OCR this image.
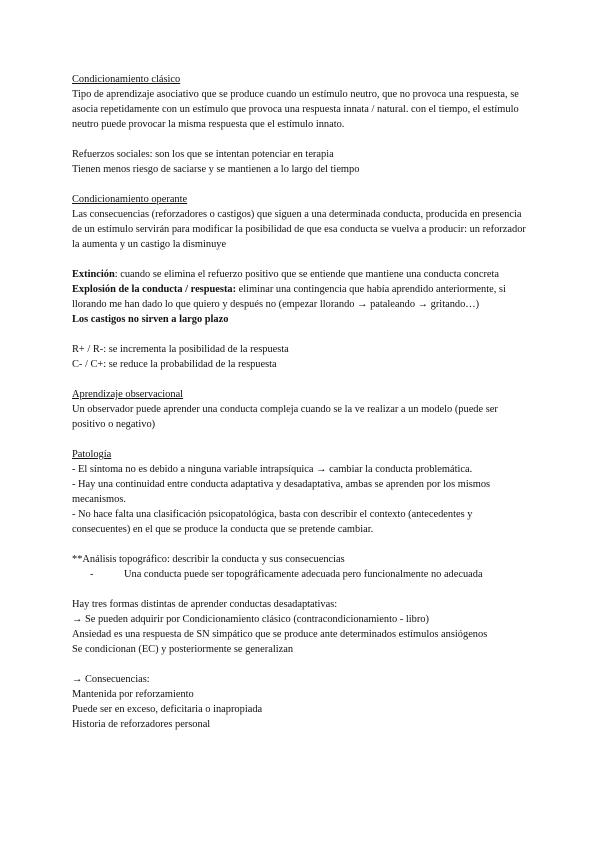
Condicionamiento clásico
Tipo de aprendizaje asociativo que se produce cuando un estímulo neutro, que no provoca una respuesta, se asocia repetidamente con un estímulo que provoca una respuesta innata / natural. con el tiempo, el estímulo neutro puede provocar la misma respuesta que el estímulo innato.
Refuerzos sociales: son los que se intentan potenciar en terapia
Tienen menos riesgo de saciarse y se mantienen a lo largo del tiempo
Condicionamiento operante
Las consecuencias (reforzadores o castigos) que siguen a una determinada conducta, producida en presencia de un estímulo servirán para modificar la posibilidad de que esa conducta se vuelva a producir: un reforzador la aumenta y un castigo la disminuye
Extinción: cuando se elimina el refuerzo positivo que se entiende que mantiene una conducta concreta
Explosión de la conducta / respuesta: eliminar una contingencia que había aprendido anteriormente, si llorando me han dado lo que quiero y después no (empezar llorando → pataleando → gritando…)
Los castigos no sirven a largo plazo
R+ / R-: se incrementa la posibilidad de la respuesta
C- / C+: se reduce la probabilidad de la respuesta
Aprendizaje observacional
Un observador puede aprender una conducta compleja cuando se la ve realizar a un modelo (puede ser positivo o negativo)
Patología
- El síntoma no es debido a ninguna variable intrapsíquica → cambiar la conducta problemática.
- Hay una continuidad entre conducta adaptativa y desadaptativa, ambas se aprenden por los mismos mecanismos.
- No hace falta una clasificación psicopatológica, basta con describir el contexto (antecedentes y consecuentes) en el que se produce la conducta que se pretende cambiar.
**Análisis topográfico: describir la conducta y sus consecuencias
-	Una conducta puede ser topográficamente adecuada pero funcionalmente no adecuada
Hay tres formas distintas de aprender conductas desadaptativas:
→ Se pueden adquirir por Condicionamiento clásico (contracondicionamiento - libro)
Ansiedad es una respuesta de SN simpático que se produce ante determinados estímulos ansiógenos
Se condicionan (EC) y posteriormente se generalizan
→ Consecuencias:
Mantenida por reforzamiento
Puede ser en exceso, deficitaria o inapropiada
Historia de reforzadores personal
